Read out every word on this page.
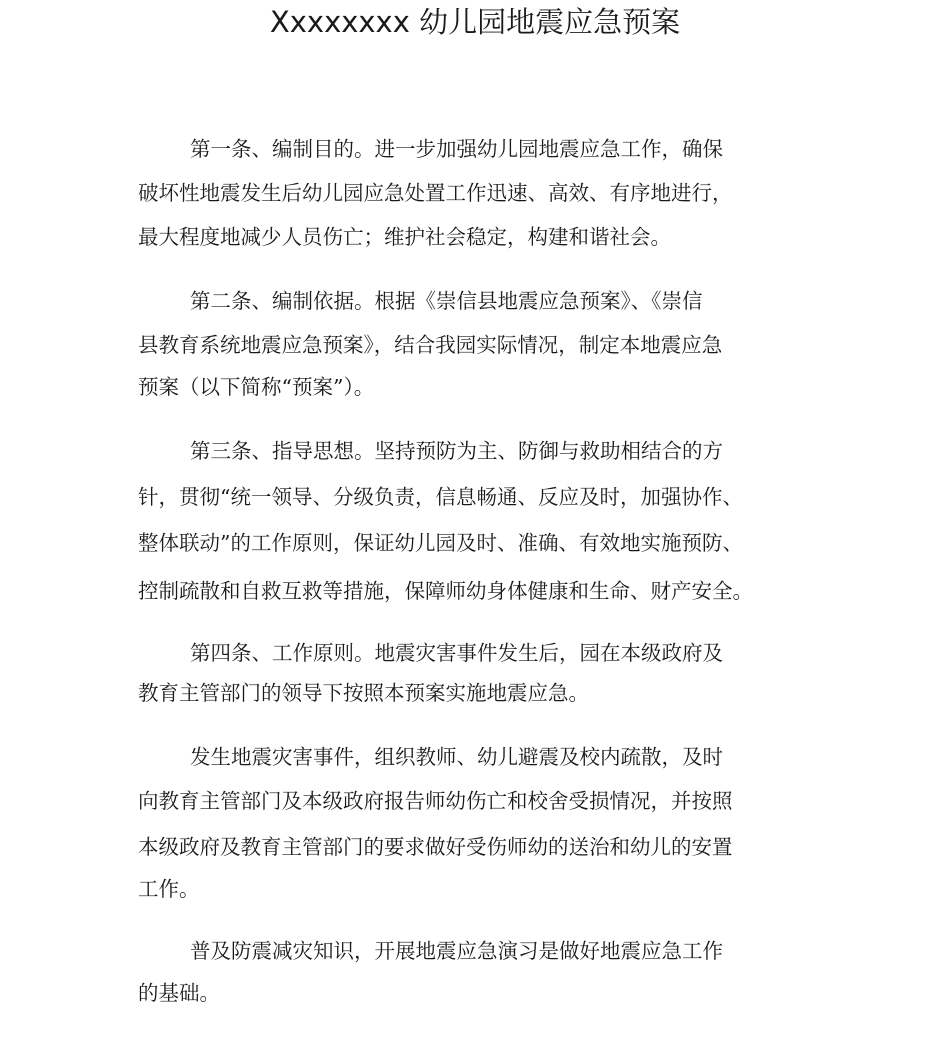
Xxxxxxxx 幼儿园地震应急预案

第一条、编制目的。进一步加强幼儿园地震应急工作，确保
破坏性地震发生后幼儿园应急处置工作迅速、高效、有序地进行，
最大程度地减少人员伤亡；维护社会稳定，构建和谐社会。

第二条、编制依据。根据《崇信县地震应急预案》、《崇信
县教育系统地震应急预案》，结合我园实际情况，制定本地震应急
预案（以下简称“预案”）。

第三条、指导思想。坚持预防为主、防御与救助相结合的方
针，贯彻“统一领导、分级负责，信息畅通、反应及时，加强协作、
整体联动”的工作原则，保证幼儿园及时、准确、有效地实施预防、
控制疏散和自救互救等措施，保障师幼身体健康和生命、财产安全。

第四条、工作原则。地震灾害事件发生后，园在本级政府及
教育主管部门的领导下按照本预案实施地震应急。

发生地震灾害事件，组织教师、幼儿避震及校内疏散，及时
向教育主管部门及本级政府报告师幼伤亡和校舍受损情况，并按照
本级政府及教育主管部门的要求做好受伤师幼的送治和幼儿的安置
工作。

普及防震减灾知识，开展地震应急演习是做好地震应急工作
的基础。
